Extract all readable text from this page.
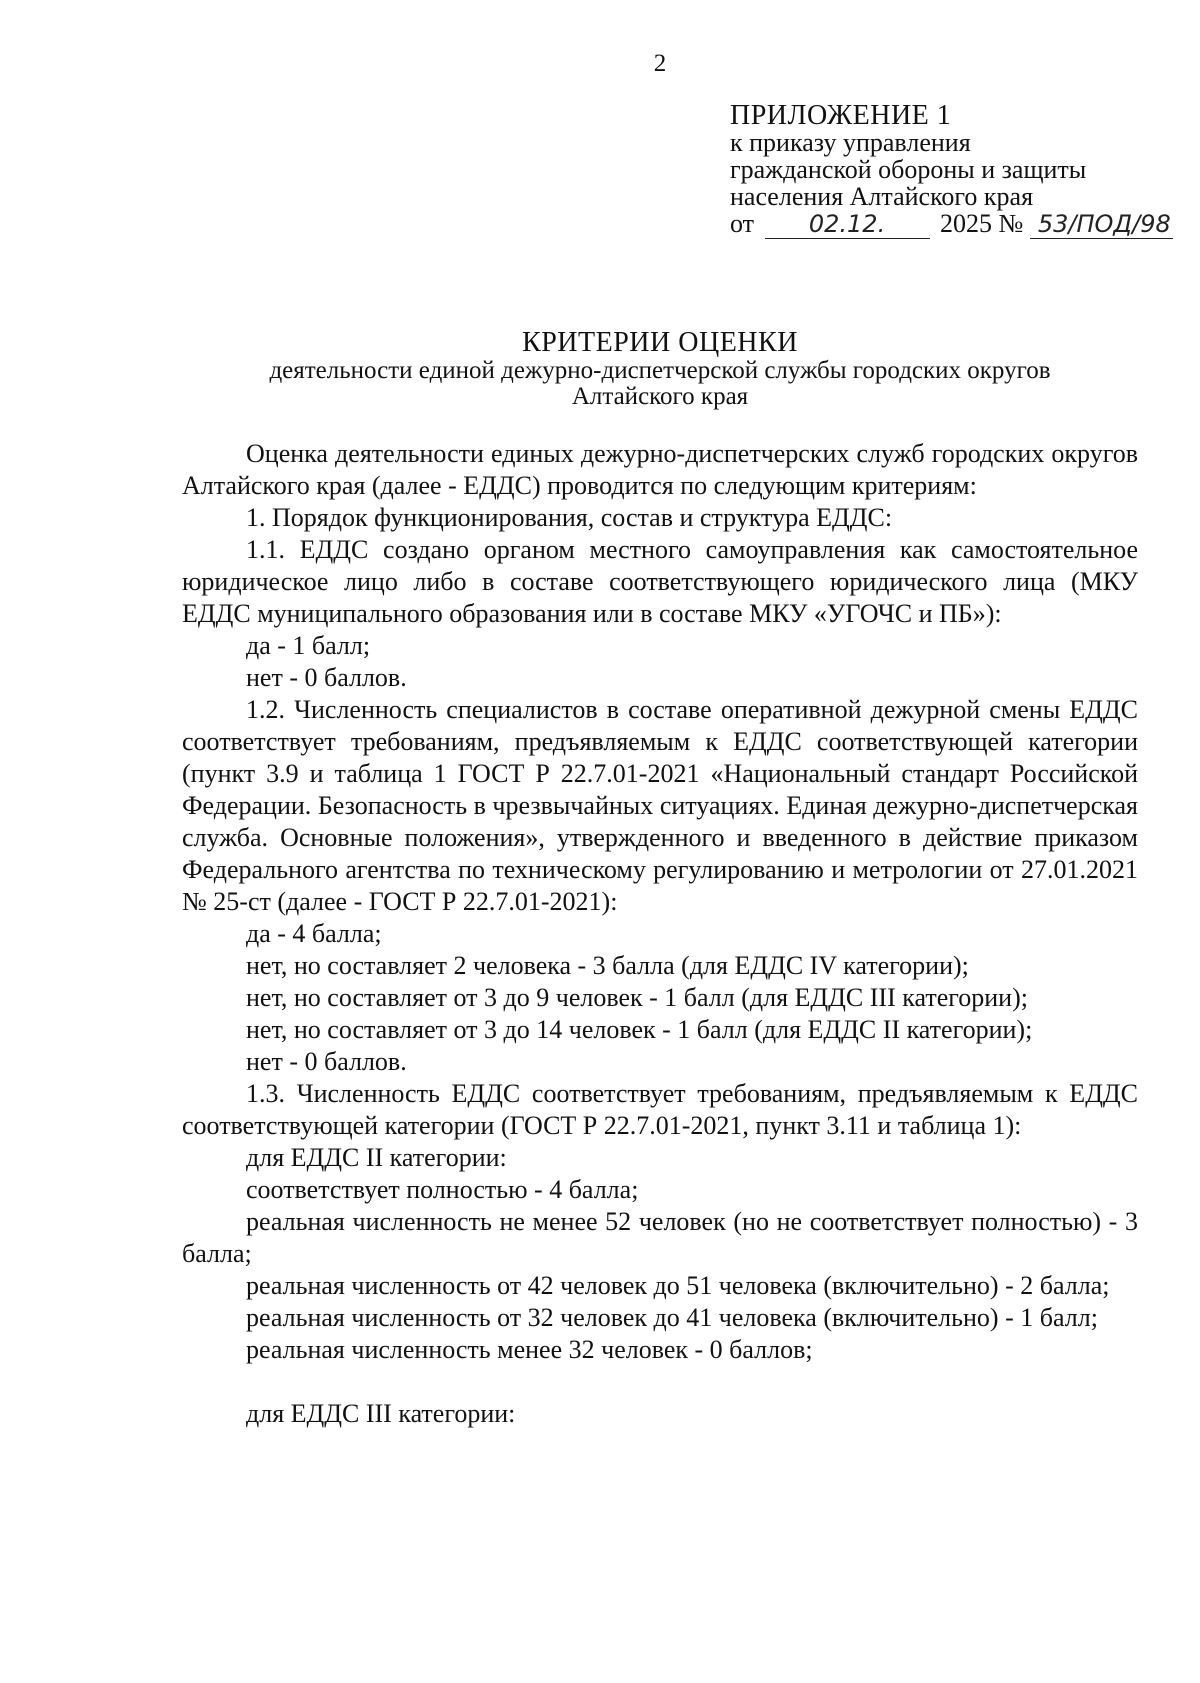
2
ПРИЛОЖЕНИЕ 1
к приказу управления
гражданской обороны и защиты
населения Алтайского края
от 02.12. 2025 № 53/ПОД/98
КРИТЕРИИ ОЦЕНКИ
деятельности единой дежурно-диспетчерской службы городских округов
Алтайского края

Оценка деятельности единых дежурно-диспетчерских служб городских округов Алтайского края (далее - ЕДДС) проводится по следующим критериям:

1. Порядок функционирования, состав и структура ЕДДС:

1.1. ЕДДС создано органом местного самоуправления как самостоятельное юридическое лицо либо в составе соответствующего юридического лица (МКУ ЕДДС муниципального образования или в составе МКУ «УГОЧС и ПБ»):

да - 1 балл;

нет - 0 баллов.

1.2. Численность специалистов в составе оперативной дежурной смены ЕДДС соответствует требованиям, предъявляемым к ЕДДС соответствующей категории (пункт 3.9 и таблица 1 ГОСТ Р 22.7.01-2021 «Национальный стандарт Российской Федерации. Безопасность в чрезвычайных ситуациях. Единая дежурно-диспетчерская служба. Основные положения», утвержденного и введенного в действие приказом Федерального агентства по техническому регулированию и метрологии от 27.01.2021 № 25-ст (далее - ГОСТ Р 22.7.01-2021):

да - 4 балла;

нет, но составляет 2 человека - 3 балла (для ЕДДС IV категории);

нет, но составляет от 3 до 9 человек - 1 балл (для ЕДДС III категории);

нет, но составляет от 3 до 14 человек - 1 балл (для ЕДДС II категории);

нет - 0 баллов.

1.3. Численность ЕДДС соответствует требованиям, предъявляемым к ЕДДС соответствующей категории (ГОСТ Р 22.7.01-2021, пункт 3.11 и таблица 1):

для ЕДДС II категории:

соответствует полностью - 4 балла;

реальная численность не менее 52 человек (но не соответствует полностью) - 3 балла;

реальная численность от 42 человек до 51 человека (включительно) - 2 балла;

реальная численность от 32 человек до 41 человека (включительно) - 1 балл;

реальная численность менее 32 человек - 0 баллов;

для ЕДДС III категории:
